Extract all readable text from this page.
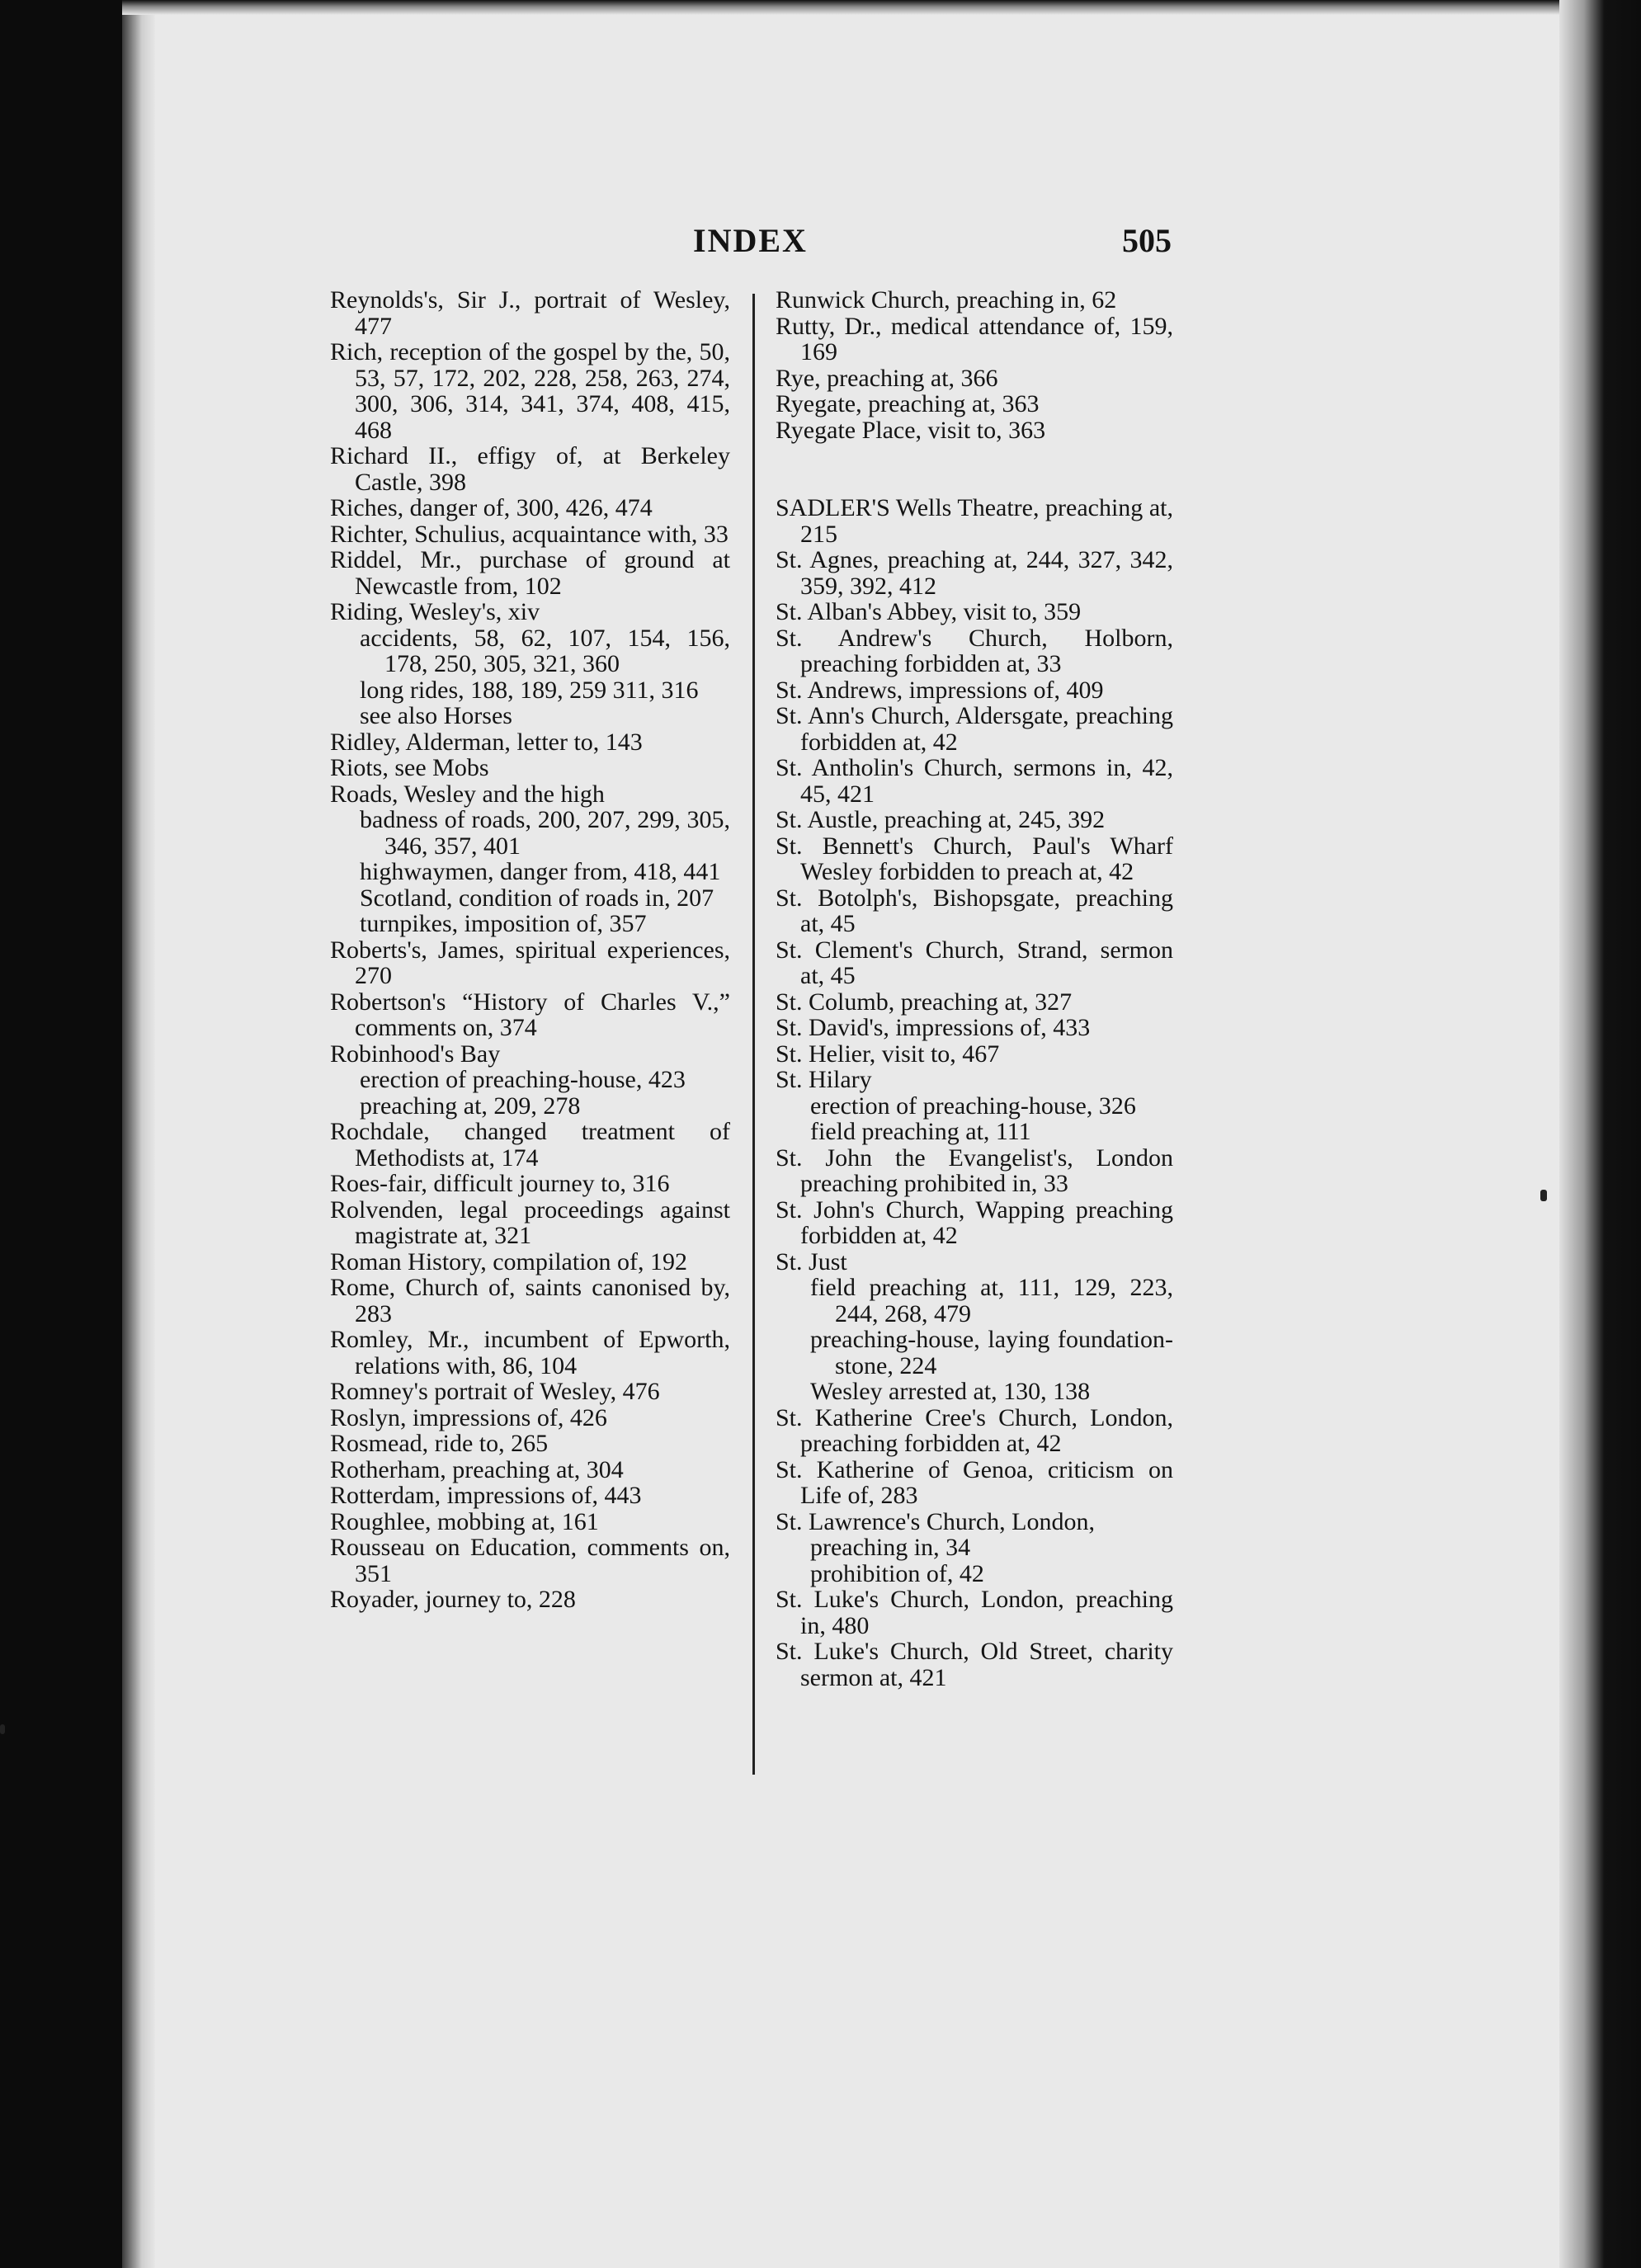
INDEX	505
Reynolds's, Sir J., portrait of Wesley, 477
Rich, reception of the gospel by the, 50, 53, 57, 172, 202, 228, 258, 263, 274, 300, 306, 314, 341, 374, 408, 415, 468
Richard II., effigy of, at Berkeley Castle, 398
Riches, danger of, 300, 426, 474
Richter, Schulius, acquaintance with, 33
Riddel, Mr., purchase of ground at Newcastle from, 102
Riding, Wesley's, xiv
accidents, 58, 62, 107, 154, 156, 178, 250, 305, 321, 360
long rides, 188, 189, 259 311, 316
see also Horses
Ridley, Alderman, letter to, 143
Riots, see Mobs
Roads, Wesley and the high
badness of roads, 200, 207, 299, 305, 346, 357, 401
highwaymen, danger from, 418, 441
Scotland, condition of roads in, 207
turnpikes, imposition of, 357
Roberts's, James, spiritual experiences, 270
Robertson's “History of Charles V.,” comments on, 374
Robinhood's Bay
erection of preaching-house, 423
preaching at, 209, 278
Rochdale, changed treatment of Methodists at, 174
Roes-fair, difficult journey to, 316
Rolvenden, legal proceedings against magistrate at, 321
Roman History, compilation of, 192
Rome, Church of, saints canonised by, 283
Romley, Mr., incumbent of Epworth, relations with, 86, 104
Romney's portrait of Wesley, 476
Roslyn, impressions of, 426
Rosmead, ride to, 265
Rotherham, preaching at, 304
Rotterdam, impressions of, 443
Roughlee, mobbing at, 161
Rousseau on Education, comments on, 351
Royader, journey to, 228
Runwick Church, preaching in, 62
Rutty, Dr., medical attendance of, 159, 169
Rye, preaching at, 366
Ryegate, preaching at, 363
Ryegate Place, visit to, 363
SADLER'S Wells Theatre, preaching at, 215
St. Agnes, preaching at, 244, 327, 342, 359, 392, 412
St. Alban's Abbey, visit to, 359
St. Andrew's Church, Holborn, preaching forbidden at, 33
St. Andrews, impressions of, 409
St. Ann's Church, Aldersgate, preaching forbidden at, 42
St. Antholin's Church, sermons in, 42, 45, 421
St. Austle, preaching at, 245, 392
St. Bennett's Church, Paul's Wharf Wesley forbidden to preach at, 42
St. Botolph's, Bishopsgate, preaching at, 45
St. Clement's Church, Strand, sermon at, 45
St. Columb, preaching at, 327
St. David's, impressions of, 433
St. Helier, visit to, 467
St. Hilary
erection of preaching-house, 326
field preaching at, 111
St. John the Evangelist's, London preaching prohibited in, 33
St. John's Church, Wapping preaching forbidden at, 42
St. Just
field preaching at, 111, 129, 223, 244, 268, 479
preaching-house, laying foundation-stone, 224
Wesley arrested at, 130, 138
St. Katherine Cree's Church, London, preaching forbidden at, 42
St. Katherine of Genoa, criticism on Life of, 283
St. Lawrence's Church, London,
preaching in, 34
prohibition of, 42
St. Luke's Church, London, preaching in, 480
St. Luke's Church, Old Street, charity sermon at, 421
